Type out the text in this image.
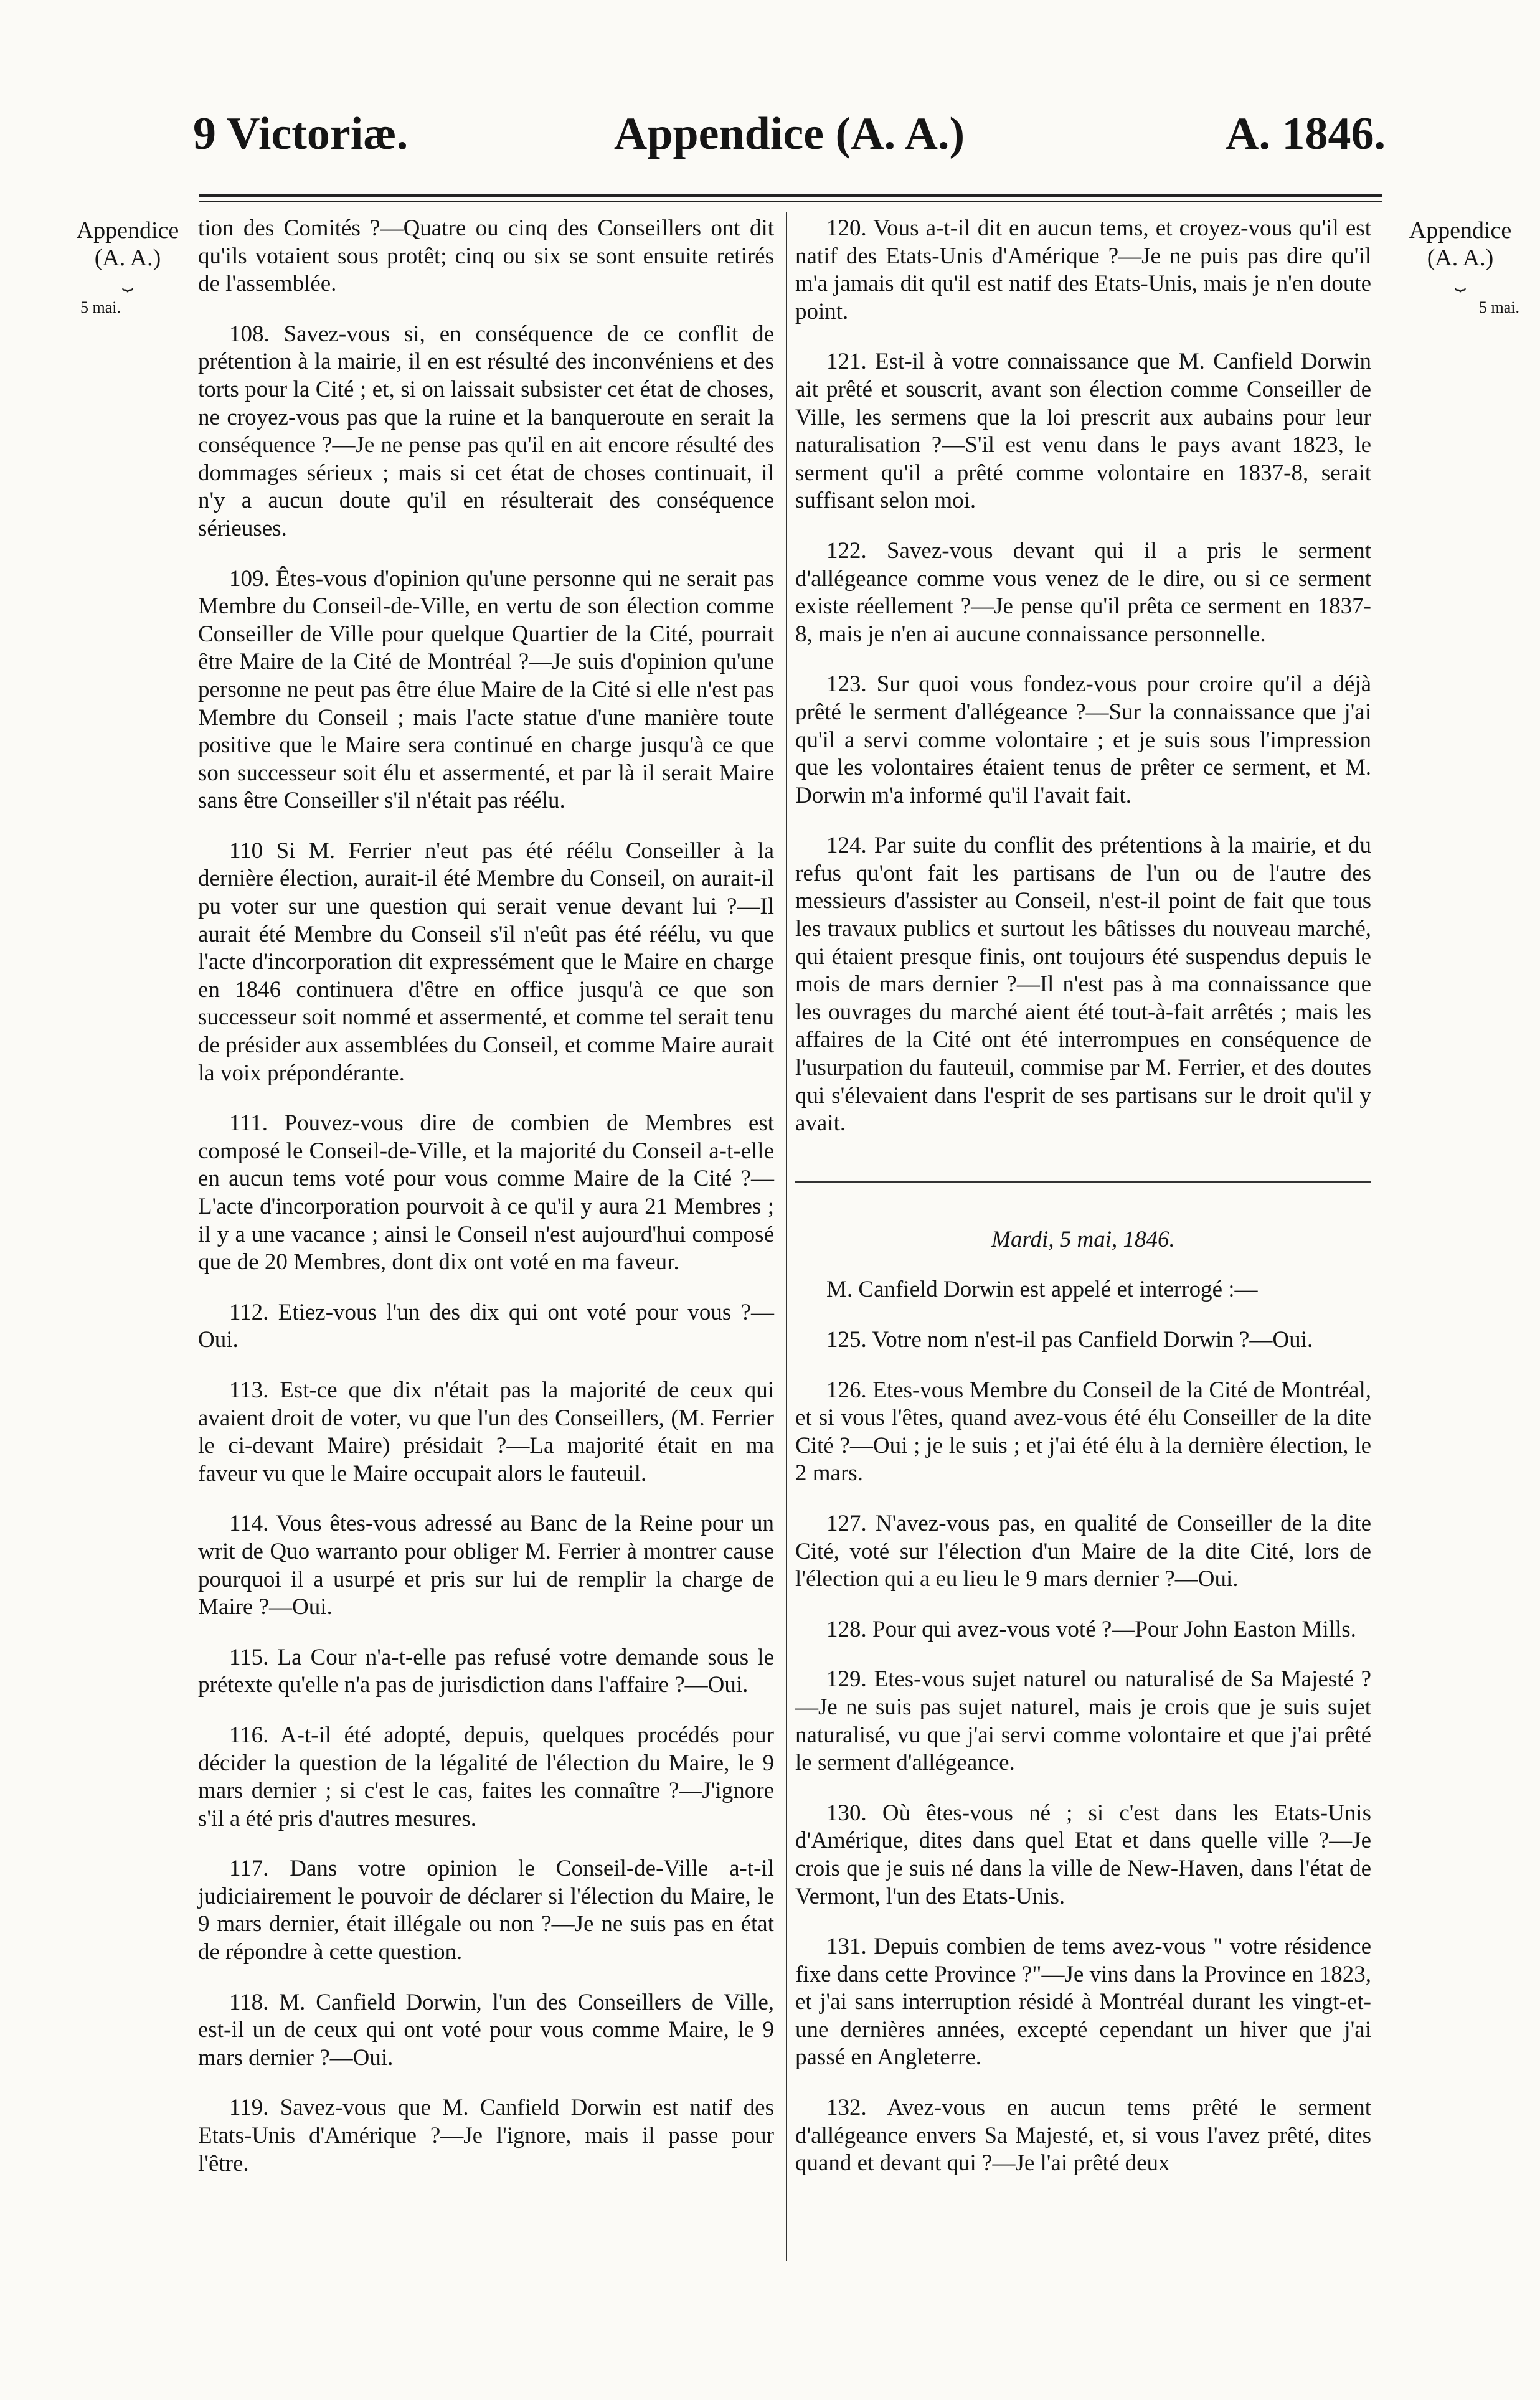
9 Victoriæ.	Appendice (A. A.)	A. 1846.
Appendice
(A. A.)
⏟
5 mai.
Appendice
(A. A.)
⏟
5 mai.

tion des Comités ?—Quatre ou cinq des Conseillers ont dit qu'ils votaient sous protêt; cinq ou six se sont ensuite retirés de l'assemblée.

108. Savez-vous si, en conséquence de ce conflit de prétention à la mairie, il en est résulté des inconvéniens et des torts pour la Cité ; et, si on laissait subsister cet état de choses, ne croyez-vous pas que la ruine et la banqueroute en serait la conséquence ?—Je ne pense pas qu'il en ait encore résulté des dommages sérieux ; mais si cet état de choses continuait, il n'y a aucun doute qu'il en résulterait des conséquence sérieuses.

109. Êtes-vous d'opinion qu'une personne qui ne serait pas Membre du Conseil-de-Ville, en vertu de son élection comme Conseiller de Ville pour quelque Quartier de la Cité, pourrait être Maire de la Cité de Montréal ?—Je suis d'opinion qu'une personne ne peut pas être élue Maire de la Cité si elle n'est pas Membre du Conseil ; mais l'acte statue d'une manière toute positive que le Maire sera continué en charge jusqu'à ce que son successeur soit élu et assermenté, et par là il serait Maire sans être Conseiller s'il n'était pas réélu.

110 Si M. Ferrier n'eut pas été réélu Conseiller à la dernière élection, aurait-il été Membre du Conseil, on aurait-il pu voter sur une question qui serait venue devant lui ?—Il aurait été Membre du Conseil s'il n'eût pas été réélu, vu que l'acte d'incorporation dit expressément que le Maire en charge en 1846 continuera d'être en office jusqu'à ce que son successeur soit nommé et assermenté, et comme tel serait tenu de présider aux assemblées du Conseil, et comme Maire aurait la voix prépondérante.

111. Pouvez-vous dire de combien de Membres est composé le Conseil-de-Ville, et la majorité du Conseil a-t-elle en aucun tems voté pour vous comme Maire de la Cité ?—L'acte d'incorporation pourvoit à ce qu'il y aura 21 Membres ; il y a une vacance ; ainsi le Conseil n'est aujourd'hui composé que de 20 Membres, dont dix ont voté en ma faveur.

112. Etiez-vous l'un des dix qui ont voté pour vous ?—Oui.

113. Est-ce que dix n'était pas la majorité de ceux qui avaient droit de voter, vu que l'un des Conseillers, (M. Ferrier le ci-devant Maire) présidait ?—La majorité était en ma faveur vu que le Maire occupait alors le fauteuil.

114. Vous êtes-vous adressé au Banc de la Reine pour un writ de Quo warranto pour obliger M. Ferrier à montrer cause pourquoi il a usurpé et pris sur lui de remplir la charge de Maire ?—Oui.

115. La Cour n'a-t-elle pas refusé votre demande sous le prétexte qu'elle n'a pas de jurisdiction dans l'affaire ?—Oui.

116. A-t-il été adopté, depuis, quelques procédés pour décider la question de la légalité de l'élection du Maire, le 9 mars dernier ; si c'est le cas, faites les connaître ?—J'ignore s'il a été pris d'autres mesures.

117. Dans votre opinion le Conseil-de-Ville a-t-il judiciairement le pouvoir de déclarer si l'élection du Maire, le 9 mars dernier, était illégale ou non ?—Je ne suis pas en état de répondre à cette question.

118. M. Canfield Dorwin, l'un des Conseillers de Ville, est-il un de ceux qui ont voté pour vous comme Maire, le 9 mars dernier ?—Oui.

119. Savez-vous que M. Canfield Dorwin est natif des Etats-Unis d'Amérique ?—Je l'ignore, mais il passe pour l'être.

120. Vous a-t-il dit en aucun tems, et croyez-vous qu'il est natif des Etats-Unis d'Amérique ?—Je ne puis pas dire qu'il m'a jamais dit qu'il est natif des Etats-Unis, mais je n'en doute point.

121. Est-il à votre connaissance que M. Canfield Dorwin ait prêté et souscrit, avant son élection comme Conseiller de Ville, les sermens que la loi prescrit aux aubains pour leur naturalisation ?—S'il est venu dans le pays avant 1823, le serment qu'il a prêté comme volontaire en 1837-8, serait suffisant selon moi.

122. Savez-vous devant qui il a pris le serment d'allégeance comme vous venez de le dire, ou si ce serment existe réellement ?—Je pense qu'il prêta ce serment en 1837-8, mais je n'en ai aucune connaissance personnelle.

123. Sur quoi vous fondez-vous pour croire qu'il a déjà prêté le serment d'allégeance ?—Sur la connaissance que j'ai qu'il a servi comme volontaire ; et je suis sous l'impression que les volontaires étaient tenus de prêter ce serment, et M. Dorwin m'a informé qu'il l'avait fait.

124. Par suite du conflit des prétentions à la mairie, et du refus qu'ont fait les partisans de l'un ou de l'autre des messieurs d'assister au Conseil, n'est-il point de fait que tous les travaux publics et surtout les bâtisses du nouveau marché, qui étaient presque finis, ont toujours été suspendus depuis le mois de mars dernier ?—Il n'est pas à ma connaissance que les ouvrages du marché aient été tout-à-fait arrêtés ; mais les affaires de la Cité ont été interrompues en conséquence de l'usurpation du fauteuil, commise par M. Ferrier, et des doutes qui s'élevaient dans l'esprit de ses partisans sur le droit qu'il y avait.

Mardi, 5 mai, 1846.

M. Canfield Dorwin est appelé et interrogé :—

125. Votre nom n'est-il pas Canfield Dorwin ?—Oui.

126. Etes-vous Membre du Conseil de la Cité de Montréal, et si vous l'êtes, quand avez-vous été élu Conseiller de la dite Cité ?—Oui ; je le suis ; et j'ai été élu à la dernière élection, le 2 mars.

127. N'avez-vous pas, en qualité de Conseiller de la dite Cité, voté sur l'élection d'un Maire de la dite Cité, lors de l'élection qui a eu lieu le 9 mars dernier ?—Oui.

128. Pour qui avez-vous voté ?—Pour John Easton Mills.

129. Etes-vous sujet naturel ou naturalisé de Sa Majesté ?—Je ne suis pas sujet naturel, mais je crois que je suis sujet naturalisé, vu que j'ai servi comme volontaire et que j'ai prêté le serment d'allégeance.

130. Où êtes-vous né ; si c'est dans les Etats-Unis d'Amérique, dites dans quel Etat et dans quelle ville ?—Je crois que je suis né dans la ville de New-Haven, dans l'état de Vermont, l'un des Etats-Unis.

131. Depuis combien de tems avez-vous " votre résidence fixe dans cette Province ?"—Je vins dans la Province en 1823, et j'ai sans interruption résidé à Montréal durant les vingt-et-une dernières années, excepté cependant un hiver que j'ai passé en Angleterre.

132. Avez-vous en aucun tems prêté le serment d'allégeance envers Sa Majesté, et, si vous l'avez prêté, dites quand et devant qui ?—Je l'ai prêté deux
